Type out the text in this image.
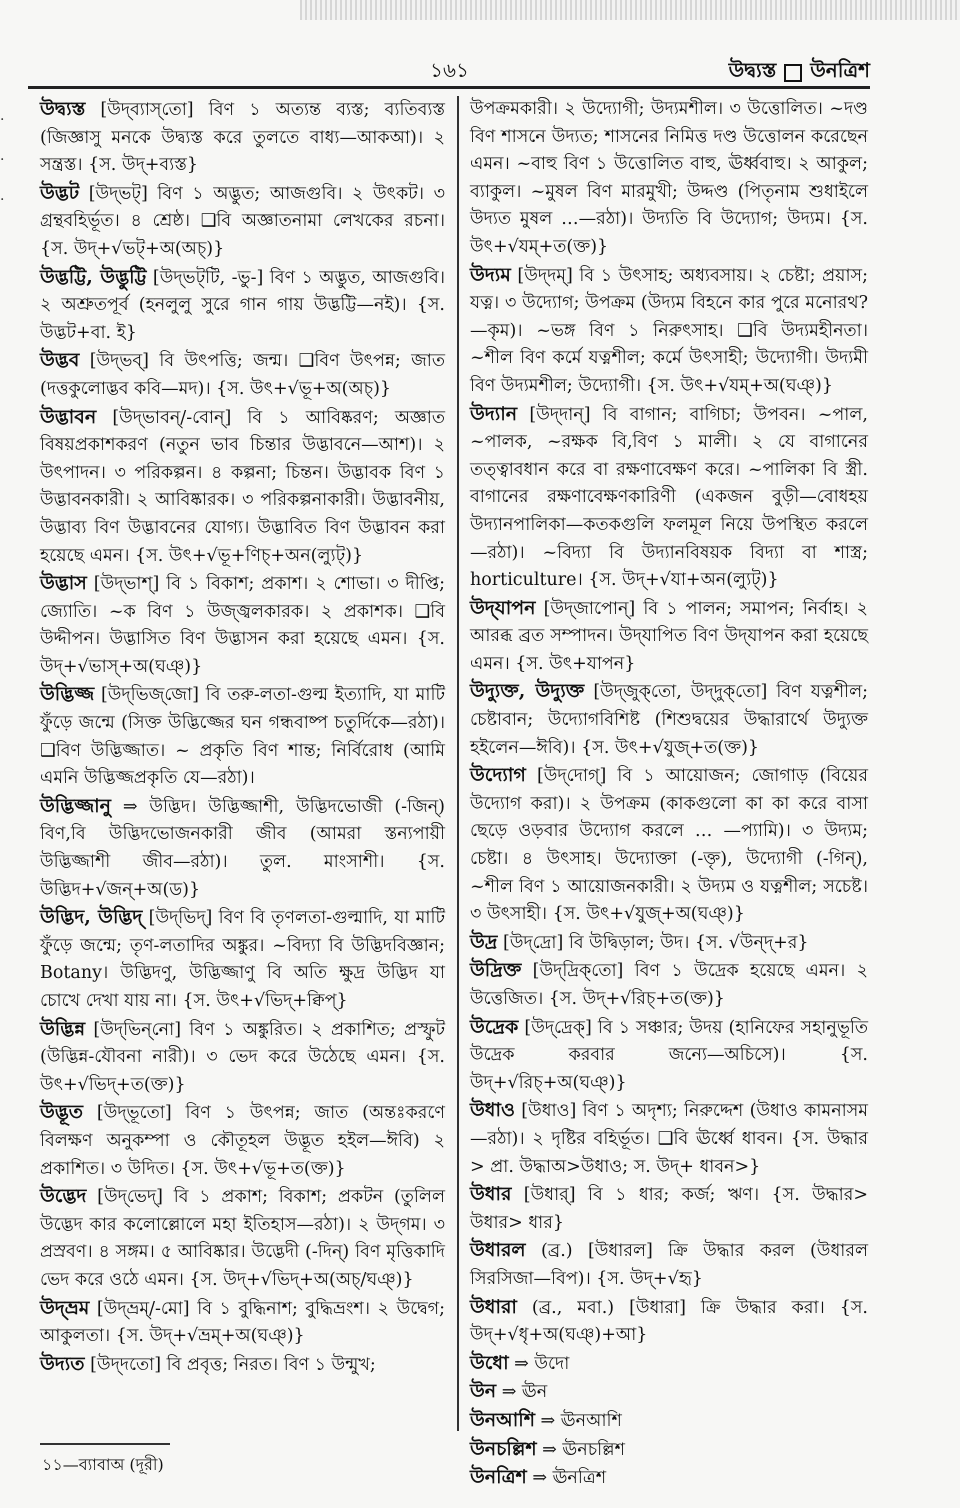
১৬১	উদ্ব্যস্ত উনত্রিশ
·
·
·
উদ্ব্যস্ত [উদ্‌ব্যাস্‌তো] বিণ ১ অত্যন্ত ব্যস্ত; ব্যতিব্যস্ত (জিজ্ঞাসু মনকে উদ্ব্যস্ত করে তুলতে বাধ্য—আকআ)। ২ সন্ত্রস্ত। {স. উদ্‌+ব্যস্ত}
উদ্ভট [উদ্‌ভট্] বিণ ১ অদ্ভুত; আজগুবি। ২ উৎকট। ৩ গ্রন্থবহির্ভূত। ৪ শ্রেষ্ঠ। ❑বি অজ্ঞাতনামা লেখকের রচনা। {স. উদ্‌+√ভট্‌+অ(অচ্)}
উদ্ভট্টি, উদ্ভুট্টি [উদ্‌ভট্‌টি, -ভু-] বিণ ১ অদ্ভুত, আজগুবি। ২ অশ্রুতপূর্ব (হনলুলু সুরে গান গায় উদ্ভট্টি—নই)। {স. উদ্ভট+বা. ই}
উদ্ভব [উদ্‌ভব্] বি উৎপত্তি; জন্ম। ❑বিণ উৎপন্ন; জাত (দত্তকুলোদ্ভব কবি—মদ)। {স. উৎ+√ভূ+অ(অচ্)}
উদ্ভাবন [উদ্‌ভাবন্/-বোন্] বি ১ আবিষ্করণ; অজ্ঞাত বিষয়প্রকাশকরণ (নতুন ভাব চিন্তার উদ্ভাবনে—আশ)। ২ উৎপাদন। ৩ পরিকল্পন। ৪ কল্পনা; চিন্তন। উদ্ভাবক বিণ ১ উদ্ভাবনকারী। ২ আবিষ্কারক। ৩ পরিকল্পনাকারী। উদ্ভাবনীয়, উদ্ভাব্য বিণ উদ্ভাবনের যোগ্য। উদ্ভাবিত বিণ উদ্ভাবন করা হয়েছে এমন। {স. উৎ+√ভূ+ণিচ্‌+অন(ল্যুট্)}
উদ্ভাস [উদ্‌ভাশ্] বি ১ বিকাশ; প্রকাশ। ২ শোভা। ৩ দীপ্তি; জ্যোতি। ~ক বিণ ১ উজ্জ্বলকারক। ২ প্রকাশক। ❑বি উদ্দীপন। উদ্ভাসিত বিণ উদ্ভাসন করা হয়েছে এমন। {স. উদ্‌+√ভাস্‌+অ(ঘঞ্)}
উদ্ভিজ্জ [উদ্‌ভিজ্‌জো] বি তরু-লতা-গুল্ম ইত্যাদি, যা মাটি ফুঁড়ে জন্মে (সিক্ত উদ্ভিজ্জের ঘন গন্ধবাষ্প চতুর্দিকে—রঠা)। ❑বিণ উদ্ভিজ্জাত। ~ প্রকৃতি বিণ শান্ত; নির্বিরোধ (আমি এমনি উদ্ভিজ্জপ্রকৃতি যে—রঠা)।
উদ্ভিজ্জানু ⇒ উদ্ভিদ। উদ্ভিজ্জাশী, উদ্ভিদভোজী (-জিন্) বিণ,বি উদ্ভিদভোজনকারী জীব (আমরা স্তন্যপায়ী উদ্ভিজ্জাশী জীব—রঠা)। তুল. মাংসাশী। {স. উদ্ভিদ+√জন্‌+অ(ড)}
উদ্ভিদ, উদ্ভিদ্ [উদ্‌ভিদ্] বিণ বি তৃণলতা-গুল্মাদি, যা মাটি ফুঁড়ে জন্মে; তৃণ-লতাদির অঙ্কুর। ~বিদ্যা বি উদ্ভিদবিজ্ঞান; Botany। উদ্ভিদণু, উদ্ভিজ্জাণু বি অতি ক্ষুদ্র উদ্ভিদ যা চোখে দেখা যায় না। {স. উৎ+√ভিদ্‌+ক্বিপ্}
উদ্ভিন্ন [উদ্‌ভিন্‌নো] বিণ ১ অঙ্কুরিত। ২ প্রকাশিত; প্রস্ফুট (উদ্ভিন্ন-যৌবনা নারী)। ৩ ভেদ করে উঠেছে এমন। {স. উৎ+√ভিদ্‌+ত(ক্ত)}
উদ্ভূত [উদ্‌ভূতো] বিণ ১ উৎপন্ন; জাত (অন্তঃকরণে বিলক্ষণ অনুকম্পা ও কৌতূহল উদ্ভূত হইল—ঈবি) ২ প্রকাশিত। ৩ উদিত। {স. উৎ+√ভূ+ত(ক্ত)}
উদ্ভেদ [উদ্‌ভেদ্] বি ১ প্রকাশ; বিকাশ; প্রকটন (তুলিল উদ্ভেদ কার কলোল্লোলে মহা ইতিহাস—রঠা)। ২ উদ্‌গম। ৩ প্রস্রবণ। ৪ সঙ্গম। ৫ আবিষ্কার। উদ্ভেদী (-দিন্) বিণ মৃত্তিকাদি ভেদ করে ওঠে এমন। {স. উদ্‌+√ভিদ্‌+অ(অচ্/ঘঞ্)}
উদ্‌ভ্রম [উদ্‌ভ্রম্/-মো] বি ১ বুদ্ধিনাশ; বুদ্ধিভ্রংশ। ২ উদ্বেগ; আকুলতা। {স. উদ্‌+√ভ্রম্‌+অ(ঘঞ্)}
উদ্যত [উদ্‌দতো] বি প্রবৃত্ত; নিরত। বিণ ১ উন্মুখ;
উপক্রমকারী। ২ উদ্যোগী; উদ্যমশীল। ৩ উত্তোলিত। ~দণ্ড বিণ শাসনে উদ্যত; শাসনের নিমিত্ত দণ্ড উত্তোলন করেছেন এমন। ~বাহু বিণ ১ উত্তোলিত বাহু, ঊর্ধ্ববাহু। ২ আকুল; ব্যাকুল। ~মুষল বিণ মারমুখী; উদ্দণ্ড (পিতৃনাম শুধাইলে উদ্যত মুষল …—রঠা)। উদ্যতি বি উদ্যোগ; উদ্যম। {স. উৎ+√যম্‌+ত(ক্ত)}
উদ্যম [উদ্‌দম্] বি ১ উৎসাহ; অধ্যবসায়। ২ চেষ্টা; প্রয়াস; যত্ন। ৩ উদ্যোগ; উপক্রম (উদ্যম বিহনে কার পুরে মনোরথ?—কৃম)। ~ভঙ্গ বিণ ১ নিরুৎসাহ। ❑বি উদ্যমহীনতা। ~শীল বিণ কর্মে যত্নশীল; কর্মে উৎসাহী; উদ্যোগী। উদ্যমী বিণ উদ্যমশীল; উদ্যোগী। {স. উৎ+√যম্‌+অ(ঘঞ্)}
উদ্যান [উদ্‌দান্] বি বাগান; বাগিচা; উপবন। ~পাল, ~পালক, ~রক্ষক বি,বিণ ১ মালী। ২ যে বাগানের তত্ত্বাবধান করে বা রক্ষণাবেক্ষণ করে। ~পালিকা বি স্ত্রী. বাগানের রক্ষণাবেক্ষণকারিণী (একজন বুড়ী—বোধহয় উদ্যানপালিকা—কতকগুলি ফলমূল নিয়ে উপস্থিত করলে—রঠা)। ~বিদ্যা বি উদ্যানবিষয়ক বিদ্যা বা শাস্ত্র; horticulture। {স. উদ্‌+√যা+অন(ল্যুট্)}
উদ্‌যাপন [উদ্‌জাপোন্] বি ১ পালন; সমাপন; নির্বাহ। ২ আরব্ধ ব্রত সম্পাদন। উদ্‌যাপিত বিণ উদ্‌যাপন করা হয়েছে এমন। {স. উৎ+যাপন}
উদ্যুক্ত, উদ্যুক্ত [উদ্‌জুক্‌তো, উদ্‌দুক্‌তো] বিণ যত্নশীল; চেষ্টাবান; উদ্যোগবিশিষ্ট (শিশুদ্বয়ের উদ্ধারার্থে উদ্যুক্ত হইলেন—ঈবি)। {স. উৎ+√যুজ্‌+ত(ক্ত)}
উদ্যোগ [উদ্‌দোগ্] বি ১ আয়োজন; জোগাড় (বিয়ের উদ্যোগ করা)। ২ উপক্রম (কাকগুলো কা কা করে বাসা ছেড়ে ওড়বার উদ্যোগ করলে … —প্যামি)। ৩ উদ্যম; চেষ্টা। ৪ উৎসাহ। উদ্যোক্তা (-ক্তৃ), উদ্যোগী (-গিন্), ~শীল বিণ ১ আয়োজনকারী। ২ উদ্যম ও যত্নশীল; সচেষ্ট। ৩ উৎসাহী। {স. উৎ+√যুজ্‌+অ(ঘঞ্)}
উদ্র [উদ্‌দ্রো] বি উদ্বিড়াল; উদ। {স. √উন্দ্‌+র}
উদ্রিক্ত [উদ্‌দ্রিক্‌তো] বিণ ১ উদ্রেক হয়েছে এমন। ২ উত্তেজিত। {স. উদ্‌+√রিচ্‌+ত(ক্ত)}
উদ্রেক [উদ্‌দ্রেক্] বি ১ সঞ্চার; উদয় (হানিফের সহানুভূতি উদ্রেক করবার জন্যে—অচিসে)। {স. উদ্‌+√রিচ্‌+অ(ঘঞ্)}
উধাও [উধাও] বিণ ১ অদৃশ্য; নিরুদ্দেশ (উধাও কামনাসম—রঠা)। ২ দৃষ্টির বহির্ভূত। ❑বি ঊর্ধ্বে ধাবন। {স. উদ্ধার > প্রা. উদ্ধাঅ>উধাও; স. উদ্‌+ ধাবন>}
উধার [উধার্] বি ১ ধার; কর্জ; ঋণ। {স. উদ্ধার> উধার> ধার}
উধারল (ব্র.) [উধারল] ক্রি উদ্ধার করল (উধারল সিরসিজা—বিপ)। {স. উদ্‌+√হৃ}
উধারা (ব্র., মবা.) [উধারা] ক্রি উদ্ধার করা। {স. উদ্‌+√ধৃ+অ(ঘঞ্)+আ}
উধো ⇒ উদো
উন ⇒ ঊন
উনআশি ⇒ ঊনআশি
উনচল্লিশ ⇒ ঊনচল্লিশ
উনত্রিশ ⇒ ঊনত্রিশ
১১—ব্যাবাঅ (দূরী)
